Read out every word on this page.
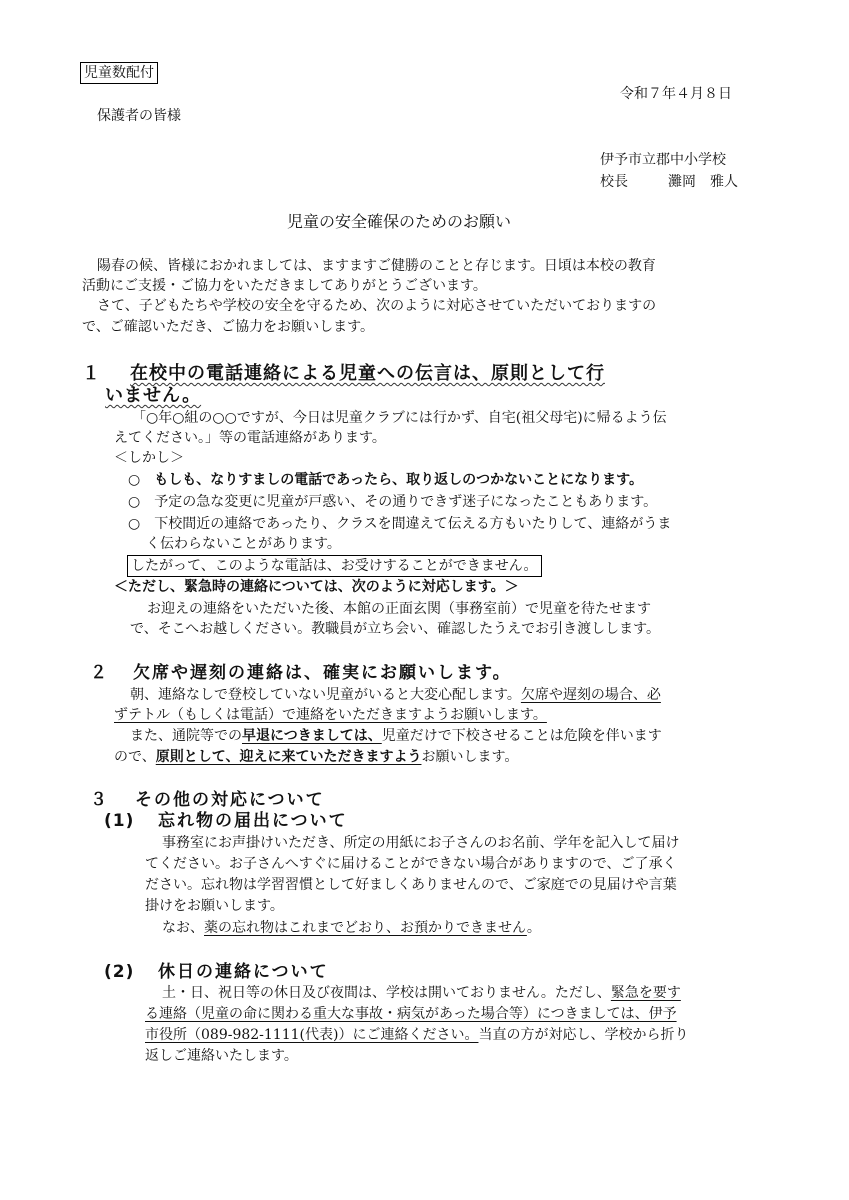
児童数配付
令和７年４月８日
保護者の皆様
伊予市立郡中小学校
校長	灘岡　雅人
児童の安全確保のためのお願い
陽春の候、皆様におかれましては、ますますご健勝のことと存じます。日頃は本校の教育
活動にご支援・ご協力をいただきましてありがとうございます。
さて、子どもたちや学校の安全を守るため、次のように対応させていただいておりますの
で、ご確認いただき、ご協力をお願いします。
１ 在校中の電話連絡による児童への伝言は、原則として行
いません。
「○年○組の○○ですが、今日は児童クラブには行かず、自宅(祖父母宅)に帰るよう伝
えてください。」等の電話連絡があります。
＜しかし＞
○　もしも、なりすましの電話であったら、取り返しのつかないことになります。
○　予定の急な変更に児童が戸惑い、その通りできず迷子になったこともあります。
○　下校間近の連絡であったり、クラスを間違えて伝える方もいたりして、連絡がうま
く伝わらないことがあります。
したがって、このような電話は、お受けすることができません。
＜ただし、緊急時の連絡については、次のように対応します。＞
お迎えの連絡をいただいた後、本館の正面玄関（事務室前）で児童を待たせます
で、そこへお越しください。教職員が立ち会い、確認したうえでお引き渡しします。
２ 欠席や遅刻の連絡は、確実にお願いします。
朝、連絡なしで登校していない児童がいると大変心配します。欠席や遅刻の場合、必
ずテトル（もしくは電話）で連絡をいただきますようお願いします。
また、通院等での早退につきましては、児童だけで下校させることは危険を伴います
ので、原則として、迎えに来ていただきますようお願いします。
３ その他の対応について
(1) 忘れ物の届出について
事務室にお声掛けいただき、所定の用紙にお子さんのお名前、学年を記入して届け
てください。お子さんへすぐに届けることができない場合がありますので、ご了承く
ださい。忘れ物は学習習慣として好ましくありませんので、ご家庭での見届けや言葉
掛けをお願いします。
なお、薬の忘れ物はこれまでどおり、お預かりできません。
(2) 休日の連絡について
土・日、祝日等の休日及び夜間は、学校は開いておりません。ただし、緊急を要す
る連絡（児童の命に関わる重大な事故・病気があった場合等）につきましては、伊予
市役所（089-982-1111(代表)）にご連絡ください。当直の方が対応し、学校から折り
返しご連絡いたします。
